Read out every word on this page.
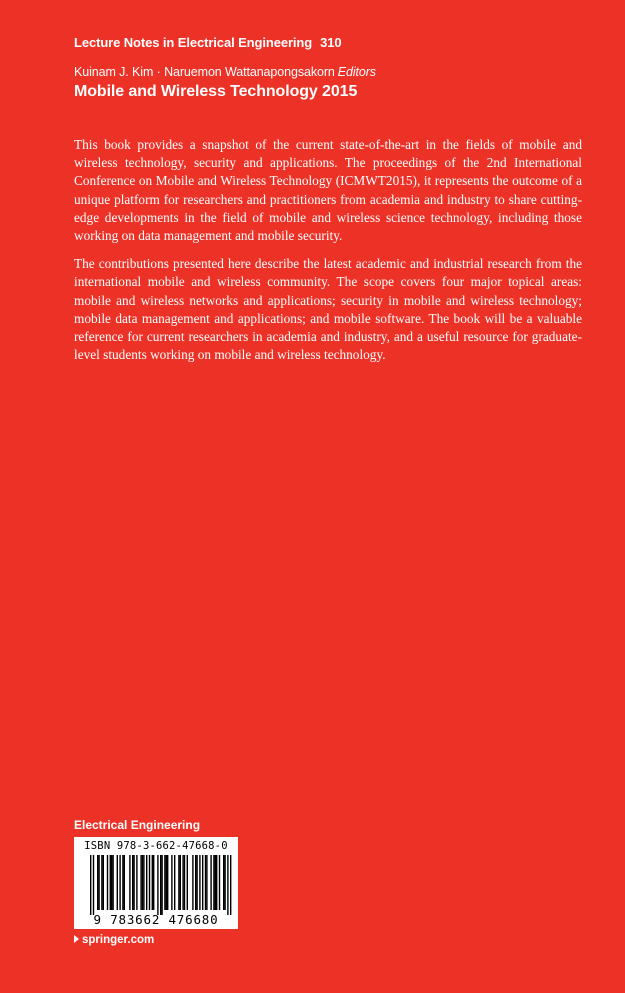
Lecture Notes in Electrical Engineering 310
Kuinam J. Kim · Naruemon Wattanapongsakorn Editors
Mobile and Wireless Technology 2015

This book provides a snapshot of the current state-of-the-art in the fields of mobile and wireless technology, security and applications. The proceedings of the 2nd International Conference on Mobile and Wireless Technology (ICMWT2015), it represents the outcome of a unique platform for researchers and practitioners from academia and industry to share cutting-edge developments in the field of mobile and wireless science technology, including those working on data management and mobile security.

The contributions presented here describe the latest academic and industrial research from the international mobile and wireless community. The scope covers four major topical areas: mobile and wireless networks and applications; security in mobile and wireless technology; mobile data management and applications; and mobile software. The book will be a valuable reference for current researchers in academia and industry, and a useful resource for graduate-level students working on mobile and wireless technology.

Electrical Engineering
ISBN 978-3-662-47668-0
9 783662 476680
springer.com
